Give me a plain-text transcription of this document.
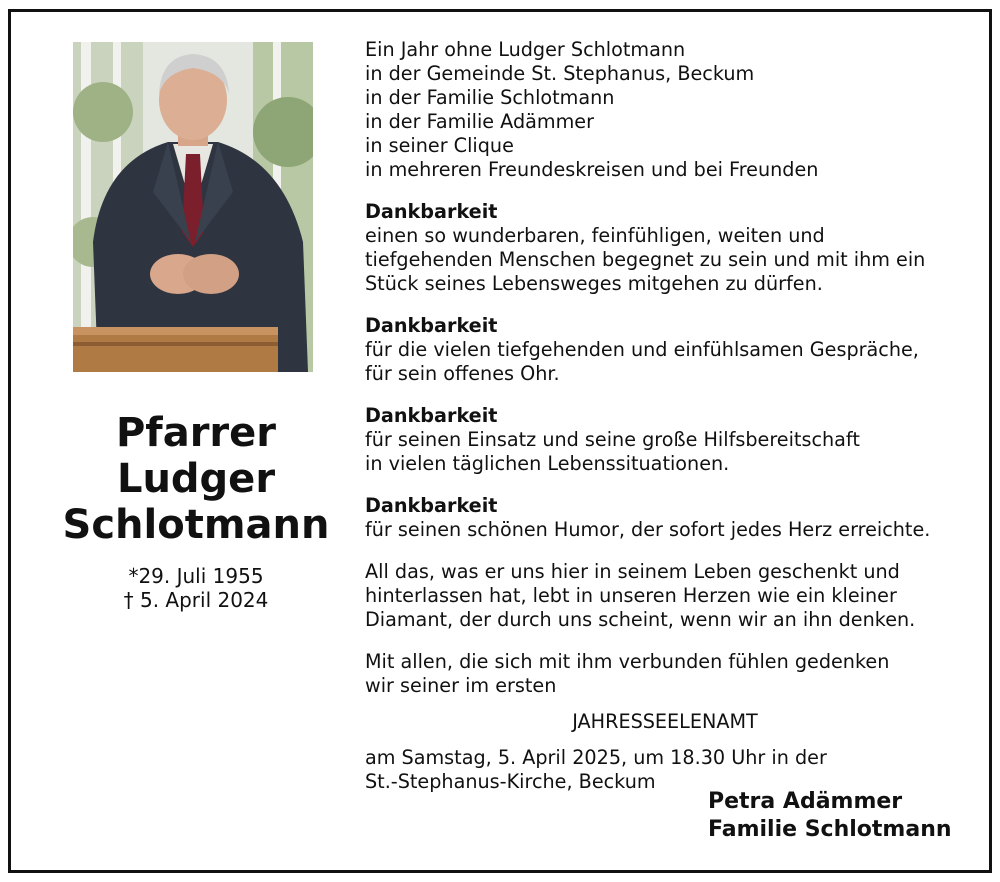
Pfarrer
Ludger
Schlotmann
*29. Juli 1955
† 5. April 2024
Ein Jahr ohne Ludger Schlotmann
in der Gemeinde St. Stephanus, Beckum
in der Familie Schlotmann
in der Familie Adämmer
in seiner Clique
in mehreren Freundeskreisen und bei Freunden
Dankbarkeit
einen so wunderbaren, feinfühligen, weiten und
tiefgehenden Menschen begegnet zu sein und mit ihm ein
Stück seines Lebensweges mitgehen zu dürfen.
Dankbarkeit
für die vielen tiefgehenden und einfühlsamen Gespräche,
für sein offenes Ohr.
Dankbarkeit
für seinen Einsatz und seine große Hilfsbereitschaft
in vielen täglichen Lebenssituationen.
Dankbarkeit
für seinen schönen Humor, der sofort jedes Herz erreichte.
All das, was er uns hier in seinem Leben geschenkt und
hinterlassen hat, lebt in unseren Herzen wie ein kleiner
Diamant, der durch uns scheint, wenn wir an ihn denken.
Mit allen, die sich mit ihm verbunden fühlen gedenken
wir seiner im ersten
JAHRESSEELENAMT
am Samstag, 5. April 2025, um 18.30 Uhr in der
St.-Stephanus-Kirche, Beckum
Petra Adämmer
Familie Schlotmann
